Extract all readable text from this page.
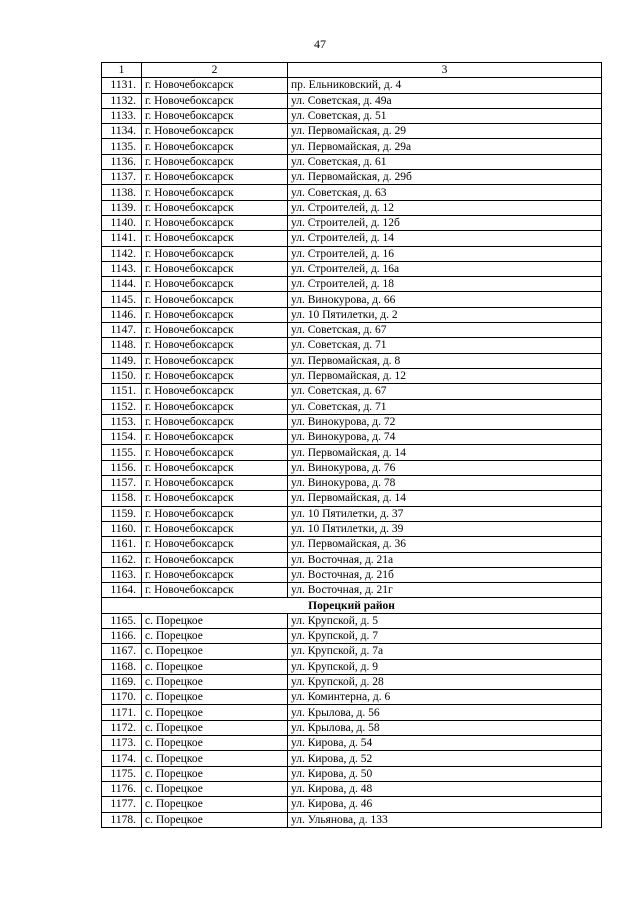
47
1	2	3
1131.	г. Новочебоксарск	пр. Ельниковский, д. 4
1132.	г. Новочебоксарск	ул. Советская, д. 49а
1133.	г. Новочебоксарск	ул. Советская, д. 51
1134.	г. Новочебоксарск	ул. Первомайская, д. 29
1135.	г. Новочебоксарск	ул. Первомайская, д. 29а
1136.	г. Новочебоксарск	ул. Советская, д. 61
1137.	г. Новочебоксарск	ул. Первомайская, д. 29б
1138.	г. Новочебоксарск	ул. Советская, д. 63
1139.	г. Новочебоксарск	ул. Строителей, д. 12
1140.	г. Новочебоксарск	ул. Строителей, д. 12б
1141.	г. Новочебоксарск	ул. Строителей, д. 14
1142.	г. Новочебоксарск	ул. Строителей, д. 16
1143.	г. Новочебоксарск	ул. Строителей, д. 16а
1144.	г. Новочебоксарск	ул. Строителей, д. 18
1145.	г. Новочебоксарск	ул. Винокурова, д. 66
1146.	г. Новочебоксарск	ул. 10 Пятилетки, д. 2
1147.	г. Новочебоксарск	ул. Советская, д. 67
1148.	г. Новочебоксарск	ул. Советская, д. 71
1149.	г. Новочебоксарск	ул. Первомайская, д. 8
1150.	г. Новочебоксарск	ул. Первомайская, д. 12
1151.	г. Новочебоксарск	ул. Советская, д. 67
1152.	г. Новочебоксарск	ул. Советская, д. 71
1153.	г. Новочебоксарск	ул. Винокурова, д. 72
1154.	г. Новочебоксарск	ул. Винокурова, д. 74
1155.	г. Новочебоксарск	ул. Первомайская, д. 14
1156.	г. Новочебоксарск	ул. Винокурова, д. 76
1157.	г. Новочебоксарск	ул. Винокурова, д. 78
1158.	г. Новочебоксарск	ул. Первомайская, д. 14
1159.	г. Новочебоксарск	ул. 10 Пятилетки, д. 37
1160.	г. Новочебоксарск	ул. 10 Пятилетки, д. 39
1161.	г. Новочебоксарск	ул. Первомайская, д. 36
1162.	г. Новочебоксарск	ул. Восточная, д. 21а
1163.	г. Новочебоксарск	ул. Восточная, д. 21б
1164.	г. Новочебоксарск	ул. Восточная, д. 21г
Порецкий район		
1165.	с. Порецкое	ул. Крупской, д. 5
1166.	с. Порецкое	ул. Крупской, д. 7
1167.	с. Порецкое	ул. Крупской, д. 7а
1168.	с. Порецкое	ул. Крупской, д. 9
1169.	с. Порецкое	ул. Крупской, д. 28
1170.	с. Порецкое	ул. Коминтерна, д. 6
1171.	с. Порецкое	ул. Крылова, д. 56
1172.	с. Порецкое	ул. Крылова, д. 58
1173.	с. Порецкое	ул. Кирова, д. 54
1174.	с. Порецкое	ул. Кирова, д. 52
1175.	с. Порецкое	ул. Кирова, д. 50
1176.	с. Порецкое	ул. Кирова, д. 48
1177.	с. Порецкое	ул. Кирова, д. 46
1178.	с. Порецкое	ул. Ульянова, д. 133
